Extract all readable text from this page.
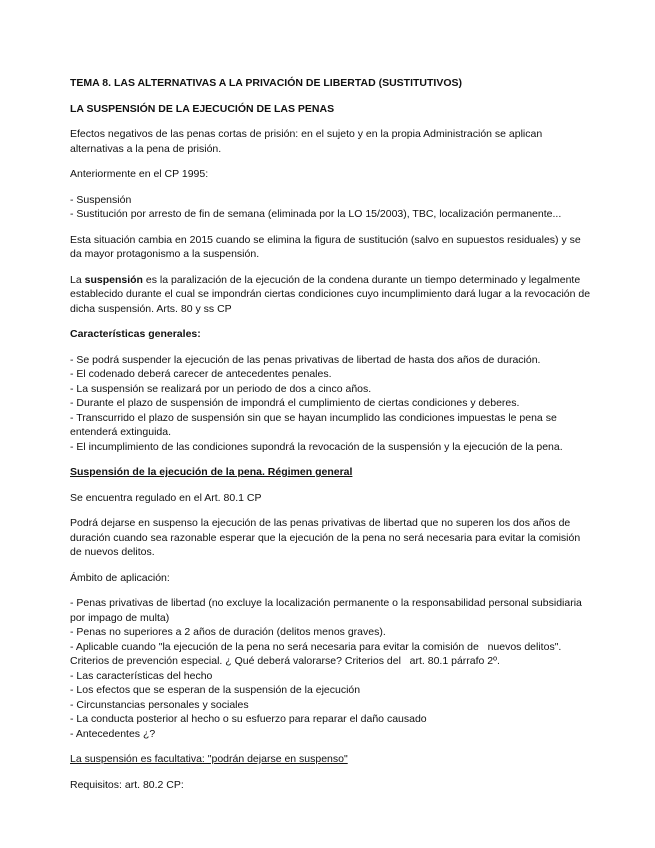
TEMA 8. LAS ALTERNATIVAS A LA PRIVACIÓN DE LIBERTAD (SUSTITUTIVOS)

LA SUSPENSIÓN DE LA EJECUCIÓN DE LAS PENAS

Efectos negativos de las penas cortas de prisión: en el sujeto y en la propia Administración se aplican alternativas a la pena de prisión.

Anteriormente en el CP 1995:

- Suspensión
- Sustitución por arresto de fin de semana (eliminada por la LO 15/2003), TBC, localización permanente...

Esta situación cambia en 2015 cuando se elimina la figura de sustitución (salvo en supuestos residuales) y se da mayor protagonismo a la suspensión.

La suspensión es la paralización de la ejecución de la condena durante un tiempo determinado y legalmente establecido durante el cual se impondrán ciertas condiciones cuyo incumplimiento dará lugar a la revocación de dicha suspensión. Arts. 80 y ss CP

Características generales:

- Se podrá suspender la ejecución de las penas privativas de libertad de hasta dos años de duración.
- El codenado deberá carecer de antecedentes penales.
- La suspensión se realizará por un periodo de dos a cinco años.
- Durante el plazo de suspensión de impondrá el cumplimiento de ciertas condiciones y deberes.
- Transcurrido el plazo de suspensión sin que se hayan incumplido las condiciones impuestas le pena se entenderá extinguida.
- El incumplimiento de las condiciones supondrá la revocación de la suspensión y la ejecución de la pena.

Suspensión de la ejecución de la pena. Régimen general

Se encuentra regulado en el Art. 80.1 CP

Podrá dejarse en suspenso la ejecución de las penas privativas de libertad que no superen los dos años de duración cuando sea razonable esperar que la ejecución de la pena no será necesaria para evitar la comisión de nuevos delitos.

Ámbito de aplicación:

- Penas privativas de libertad (no excluye la localización permanente o la responsabilidad personal subsidiaria por impago de multa)
- Penas no superiores a 2 años de duración (delitos menos graves).
- Aplicable cuando "la ejecución de la pena no será necesaria para evitar la comisión de   nuevos delitos". Criterios de prevención especial. ¿ Qué deberá valorarse? Criterios del   art. 80.1 párrafo 2º.
- Las características del hecho
- Los efectos que se esperan de la suspensión de la ejecución
- Circunstancias personales y sociales
- La conducta posterior al hecho o su esfuerzo para reparar el daño causado
- Antecedentes ¿?

La suspensión es facultativa: "podrán dejarse en suspenso"

Requisitos: art. 80.2 CP:
